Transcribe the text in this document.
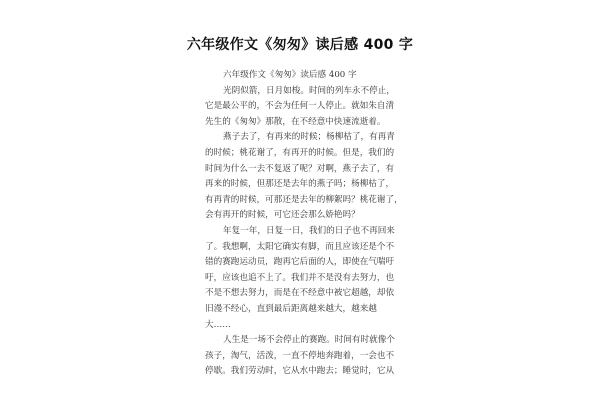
六年级作文《匆匆》读后感 400 字

六年级作文《匆匆》读后感 400 字

光阴似箭，日月如梭。时间的列车永不停止，

它是最公平的，不会为任何一人停止。就如朱自清

先生的《匆匆》那散，在不经意中快速流逝着。

燕子去了，有再来的时候；杨柳枯了，有再青

的时候；桃花谢了，有再开的时候。但是，我们的

时间为什么一去不复返了呢？对啊，燕子去了，有

再来的时候，但那还是去年的燕子吗；杨柳枯了，

有再青的时候，可那还是去年的柳絮吗？桃花谢了，

会有再开的时候，可它还会那么娇艳吗？

年复一年，日复一日，我们的日子也不再回来

了。我想啊，太阳它确实有脚，而且应该还是个不

错的赛跑运动员，跑再它后面的人，即使在气喘吁

吁，应该也追不上了。我们并不是没有去努力，也

不是不想去努力，而是在不经意中被它超越，却依

旧漫不经心，直到最后距离越来越大，越来越

大……

人生是一场不会停止的赛跑。时间有时就像个

孩子，淘气，活泼，一直不停地奔跑着，一会也不

停歇。我们劳动时，它从水中跑去；睡觉时，它从
